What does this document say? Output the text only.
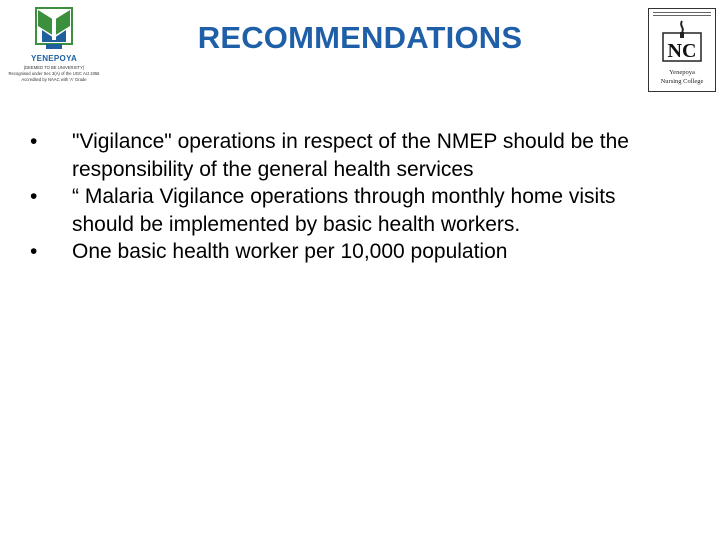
YENEPOYA
(DEEMED TO BE UNIVERSITY)
Recognised under Sec 3(A) of the UGC Act 1956
Accredited by NAAC with 'A' Grade
RECOMMENDATIONS	NC
Yenepoya
Nursing College
•	"Vigilance" operations in respect of the NMEP should be the responsibility of the general health services
•	“ Malaria Vigilance operations through monthly home visits should be implemented by basic health workers.
•	One basic health worker per 10,000 population
